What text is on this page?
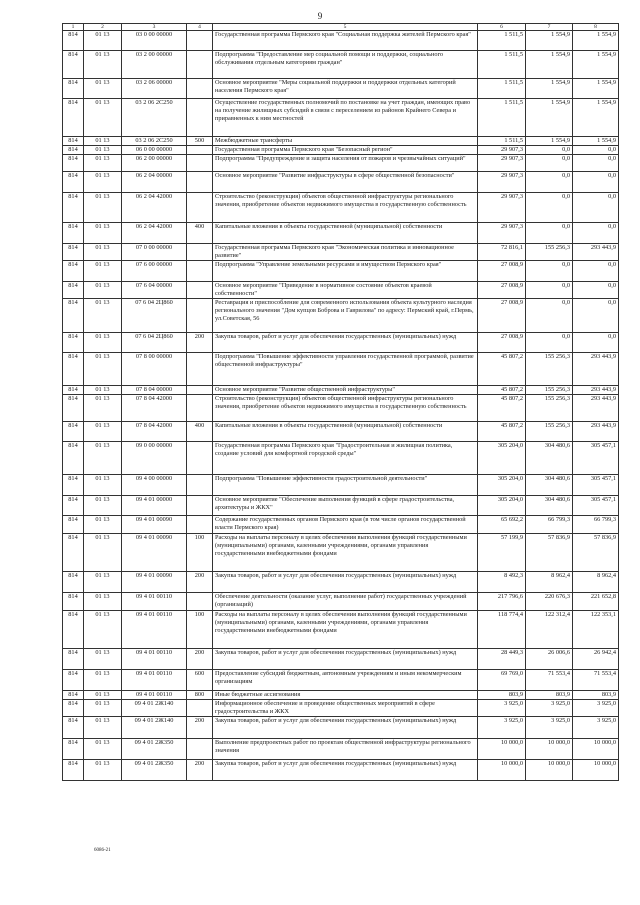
9
1	2	3	4	5	6	7	8
814	01 13	03 0 00 00000		Государственная программа Пермского края "Социальная поддержка жителей Пермского края"	1 511,5	1 554,9	1 554,9
814	01 13	03 2 00 00000		Подпрограмма "Предоставление мер социальной помощи и поддержки, социального обслуживания отдельным категориям граждан"	1 511,5	1 554,9	1 554,9
814	01 13	03 2 06 00000		Основное мероприятие "Меры социальной поддержки и поддержки отдельных категорий населения Пермского края"	1 511,5	1 554,9	1 554,9
814	01 13	03 2 06 2С250		Осуществление государственных полномочий по постановке на учет граждан, имеющих право на получение жилищных субсидий в связи с переселением из районов Крайнего Севера и приравненных к ним местностей	1 511,5	1 554,9	1 554,9
814	01 13	03 2 06 2С250	500	Межбюджетные трансферты	1 511,5	1 554,9	1 554,9
814	01 13	06 0 00 00000		Государственная программа Пермского края "Безопасный регион"	29 907,3	0,0	0,0
814	01 13	06 2 00 00000		Подпрограмма "Предупреждение и защита населения от пожаров и чрезвычайных ситуаций"	29 907,3	0,0	0,0
814	01 13	06 2 04 00000		Основное мероприятие "Развитие инфраструктуры в сфере общественной безопасности"	29 907,3	0,0	0,0
814	01 13	06 2 04 42000		Строительство (реконструкция) объектов общественной инфраструктуры регионального значения, приобретение объектов недвижимого имущества в государственную собственность	29 907,3	0,0	0,0
814	01 13	06 2 04 42000	400	Капитальные вложения в объекты государственной (муниципальной) собственности	29 907,3	0,0	0,0
814	01 13	07 0 00 00000		Государственная программа Пермского края "Экономическая политика и инновационное развитие"	72 816,1	155 256,3	293 443,9
814	01 13	07 6 00 00000		Подпрограмма "Управление земельными ресурсами и имуществом Пермского края"	27 008,9	0,0	0,0
814	01 13	07 6 04 00000		Основное мероприятие "Приведение в нормативное состояние объектов краевой собственности"	27 008,9	0,0	0,0
814	01 13	07 6 04 2Ц860		Реставрация и приспособление для современного использования объекта культурного наследия регионального значения "Дом купцов Боброва и Гаврилова" по адресу: Пермский край, г.Пермь, ул.Советская, 56	27 008,9	0,0	0,0
814	01 13	07 6 04 2Ц860	200	Закупка товаров, работ и услуг для обеспечения государственных (муниципальных) нужд	27 008,9	0,0	0,0
814	01 13	07 8 00 00000		Подпрограмма "Повышение эффективности управления государственной программой, развитие общественной инфраструктуры"	45 807,2	155 256,3	293 443,9
814	01 13	07 8 04 00000		Основное мероприятие "Развитие общественной инфраструктуры"	45 807,2	155 256,3	293 443,9
814	01 13	07 8 04 42000		Строительство (реконструкция) объектов общественной инфраструктуры регионального значения, приобретение объектов недвижимого имущества в государственную собственность	45 807,2	155 256,3	293 443,9
814	01 13	07 8 04 42000	400	Капитальные вложения в объекты государственной (муниципальной) собственности	45 807,2	155 256,3	293 443,9
814	01 13	09 0 00 00000		Государственная программа Пермского края "Градостроительная и жилищная политика, создание условий для комфортной городской среды"	305 204,0	304 480,6	305 457,1
814	01 13	09 4 00 00000		Подпрограмма "Повышение эффективности градостроительной деятельности"	305 204,0	304 480,6	305 457,1
814	01 13	09 4 01 00000		Основное мероприятие "Обеспечение выполнения функций в сфере градостроительства, архитектуры и ЖКХ"	305 204,0	304 480,6	305 457,1
814	01 13	09 4 01 00090		Содержание государственных органов Пермского края (в том числе органов государственной власти Пермского края)	65 692,2	66 799,3	66 799,3
814	01 13	09 4 01 00090	100	Расходы на выплаты персоналу в целях обеспечения выполнения функций государственными (муниципальными) органами, казенными учреждениями, органами управления государственными внебюджетными фондами	57 199,9	57 836,9	57 836,9
814	01 13	09 4 01 00090	200	Закупка товаров, работ и услуг для обеспечения государственных (муниципальных) нужд	8 492,3	8 962,4	8 962,4
814	01 13	09 4 01 00110		Обеспечение деятельности (оказание услуг, выполнение работ) государственных учреждений (организаций)	217 796,6	220 676,3	221 652,8
814	01 13	09 4 01 00110	100	Расходы на выплаты персоналу в целях обеспечения выполнения функций государственными (муниципальными) органами, казенными учреждениями, органами управления государственными внебюджетными фондами	118 774,4	122 312,4	122 353,1
814	01 13	09 4 01 00110	200	Закупка товаров, работ и услуг для обеспечения государственных (муниципальных) нужд	28 449,3	26 006,6	26 942,4
814	01 13	09 4 01 00110	600	Предоставление субсидий бюджетным, автономным учреждениям и иным некоммерческим организациям	69 769,0	71 553,4	71 553,4
814	01 13	09 4 01 00110	800	Иные бюджетные ассигнования	803,9	803,9	803,9
814	01 13	09 4 01 2Ж140		Информационное обеспечение и проведение общественных мероприятий в сфере градостроительства и ЖКХ	3 925,0	3 925,0	3 925,0
814	01 13	09 4 01 2Ж140	200	Закупка товаров, работ и услуг для обеспечения государственных (муниципальных) нужд	3 925,0	3 925,0	3 925,0
814	01 13	09 4 01 2Ж350		Выполнение предпроектных работ по проектам общественной инфраструктуры регионального значения	10 000,0	10 000,0	10 000,0
814	01 13	09 4 01 2Ж350	200	Закупка товаров, работ и услуг для обеспечения государственных (муниципальных) нужд	10 000,0	10 000,0	10 000,0
6086-21
